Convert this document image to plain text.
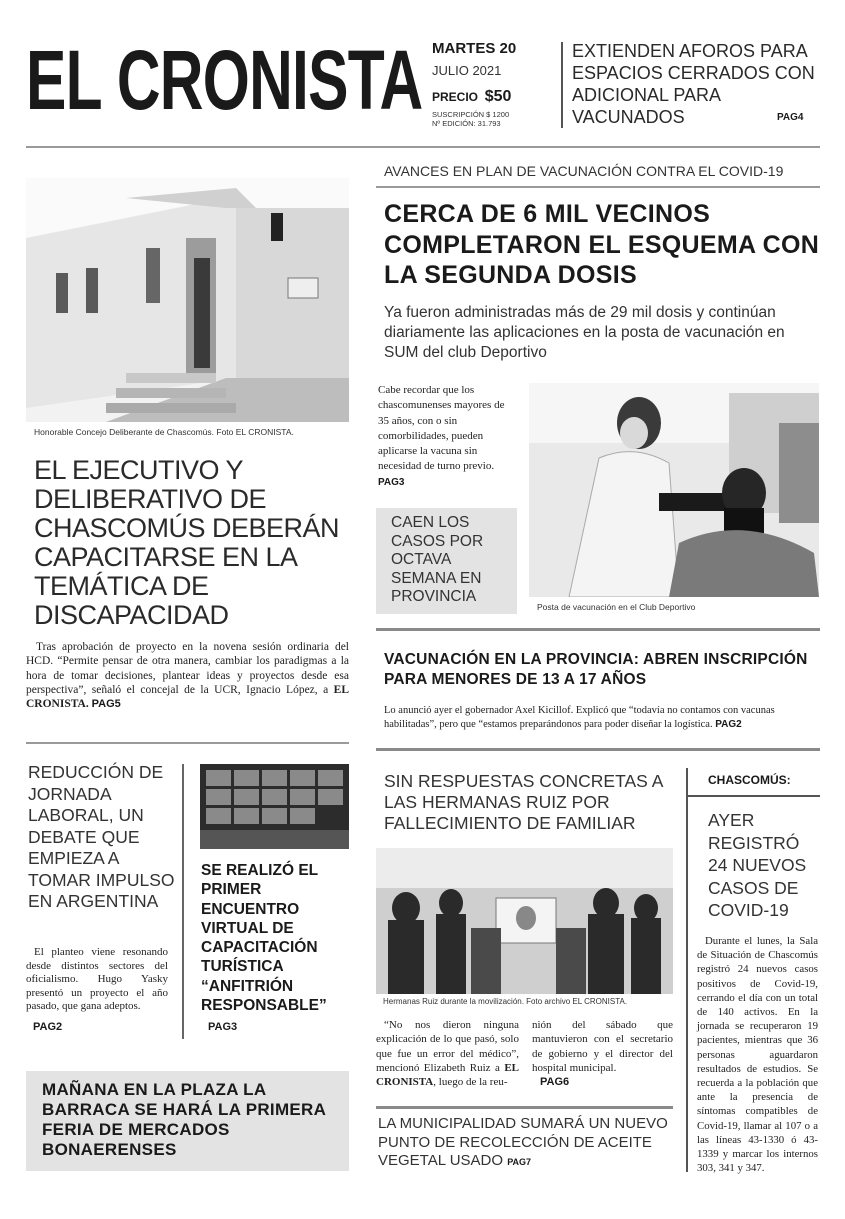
EL CRONISTA MARTES 20
JULIO 2021
PRECIO $50
SUSCRIPCIÓN $ 1200
Nº EDICIÓN: 31.793
EXTIENDEN AFOROS PARA ESPACIOS CERRADOS CON ADICIONAL PARA VACUNADOS	PAG4
Honorable Concejo Deliberante de Chascomús. Foto EL CRONISTA.
EL EJECUTIVO Y DELIBERATIVO DE CHASCOMÚS DEBERÁN CAPACITARSE EN LA TEMÁTICA DE DISCAPACIDAD
Tras aprobación de proyecto en la novena sesión ordinaria del HCD. “Permite pensar de otra manera, cambiar los paradigmas a la hora de tomar decisiones, plantear ideas y proyectos desde esa perspectiva”, señaló el concejal de la UCR, Ignacio López, a EL CRONISTA. PAG5
AVANCES EN PLAN DE VACUNACIÓN CONTRA EL COVID-19
CERCA DE 6 MIL VECINOS COMPLETARON EL ESQUEMA CON LA SEGUNDA DOSIS
Ya fueron administradas más de 29 mil dosis y continúan diariamente las aplicaciones en la posta de vacunación en SUM del club Deportivo
Cabe recordar que los chascomunenses mayores de 35 años, con o sin comorbilidades, pueden aplicarse la vacuna sin necesidad de turno previo. PAG3
CAEN LOS CASOS POR OCTAVA SEMANA EN PROVINCIA
Posta de vacunación en el Club Deportivo
VACUNACIÓN EN LA PROVINCIA: ABREN INSCRIPCIÓN PARA MENORES DE 13 A 17 AÑOS
Lo anunció ayer el gobernador Axel Kicillof. Explicó que “todavía no contamos con vacunas habilitadas”, pero que “estamos preparándonos para poder diseñar la logística. PAG2
REDUCCIÓN DE JORNADA LABORAL, UN DEBATE QUE EMPIEZA A TOMAR IMPULSO EN ARGENTINA
El planteo viene resonando desde distintos sectores del oficialismo. Hugo Yasky presentó un proyecto el año pasado, que gana adeptos.
PAG2
SE REALIZÓ EL PRIMER ENCUENTRO VIRTUAL DE CAPACITACIÓN TURÍSTICA “ANFITRIÓN RESPONSABLE”
PAG3
MAÑANA EN LA PLAZA LA BARRACA SE HARÁ LA PRIMERA FERIA DE MERCADOS BONAERENSES
SIN RESPUESTAS CONCRETAS A LAS HERMANAS RUIZ POR FALLECIMIENTO DE FAMILIAR
Hermanas Ruiz durante la movilización. Foto archivo EL CRONISTA.
“No nos dieron ninguna explicación de lo que pasó, solo que fue un error del médico”, mencionó Elizabeth Ruiz a EL CRONISTA, luego de la reu-
nión del sábado que mantuvieron con el secretario de gobierno y el director del hospital municipal.
PAG6
LA MUNICIPALIDAD SUMARÁ UN NUEVO PUNTO DE RECOLECCIÓN DE ACEITE VEGETAL USADO PAG7
CHASCOMÚS:
AYER REGISTRÓ 24 NUEVOS CASOS DE COVID-19
Durante el lunes, la Sala de Situación de Chascomús registró 24 nuevos casos positivos de Covid-19, cerrando el día con un total de 140 activos. En la jornada se recuperaron 19 pacientes, mientras que 36 personas aguardaron resultados de estudios. Se recuerda a la población que ante la presencia de síntomas compatibles de Covid-19, llamar al 107 o a las líneas 43-1330 ó 43-1339 y marcar los internos 303, 341 y 347.
